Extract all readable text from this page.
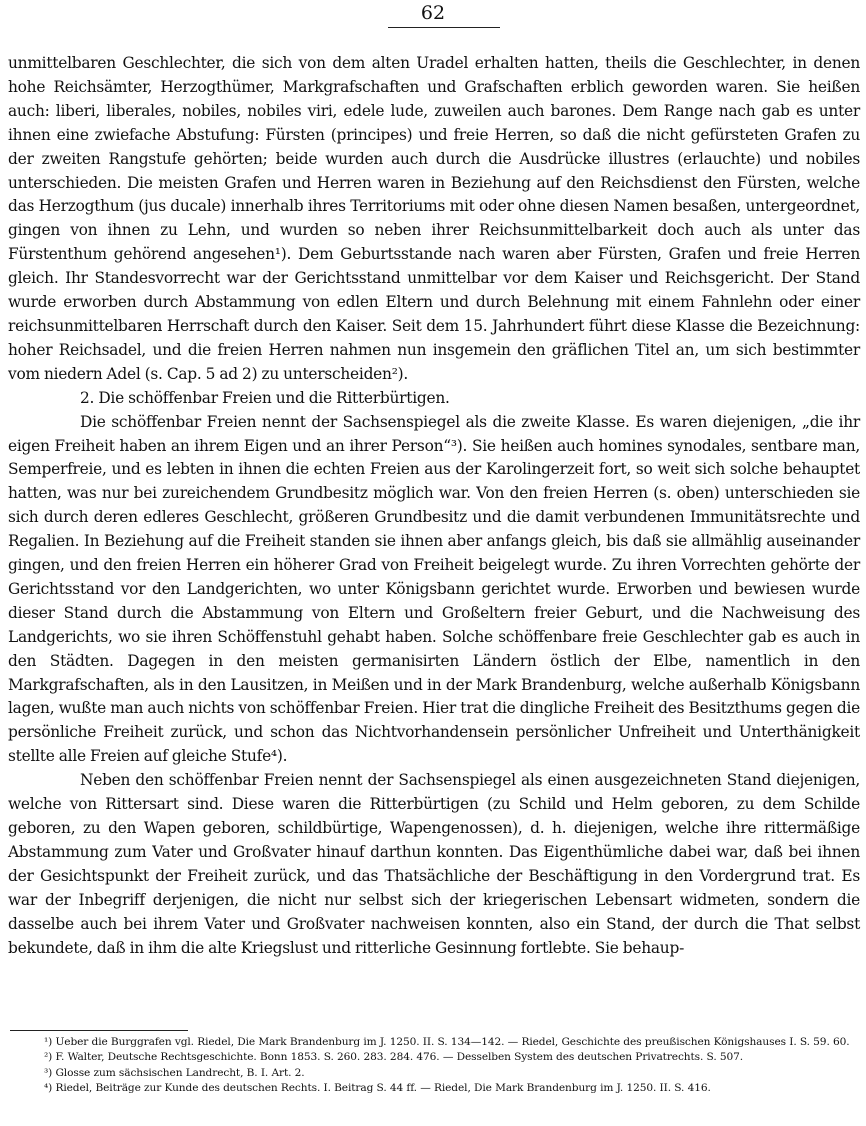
62

unmittelbaren Geschlechter, die sich von dem alten Uradel erhalten hatten, theils die Geschlechter, in denen hohe Reichsämter, Herzogthümer, Markgrafschaften und Grafschaften erblich geworden waren. Sie heißen auch: liberi, liberales, nobiles, nobiles viri, edele lude, zuweilen auch barones. Dem Range nach gab es unter ihnen eine zwiefache Abstufung: Fürsten (principes) und freie Herren, so daß die nicht gefürsteten Grafen zu der zweiten Rangstufe gehörten; beide wurden auch durch die Ausdrücke illustres (erlauchte) und nobiles unterschieden. Die meisten Grafen und Herren waren in Beziehung auf den Reichsdienst den Fürsten, welche das Herzogthum (jus ducale) innerhalb ihres Territoriums mit oder ohne diesen Namen besaßen, untergeordnet, gingen von ihnen zu Lehn, und wurden so neben ihrer Reichsunmittelbarkeit doch auch als unter das Fürstenthum gehörend angesehen¹). Dem Geburtsstande nach waren aber Fürsten, Grafen und freie Herren gleich. Ihr Standesvorrecht war der Gerichtsstand unmittelbar vor dem Kaiser und Reichsgericht. Der Stand wurde erworben durch Abstammung von edlen Eltern und durch Belehnung mit einem Fahnlehn oder einer reichsunmittelbaren Herrschaft durch den Kaiser. Seit dem 15. Jahrhundert führt diese Klasse die Bezeichnung: hoher Reichsadel, und die freien Herren nahmen nun insgemein den gräflichen Titel an, um sich bestimmter vom niedern Adel (s. Cap. 5 ad 2) zu unterscheiden²).

2. Die schöffenbar Freien und die Ritterbürtigen.

Die schöffenbar Freien nennt der Sachsenspiegel als die zweite Klasse. Es waren diejenigen, „die ihr eigen Freiheit haben an ihrem Eigen und an ihrer Person“³). Sie heißen auch homines synodales, sentbare man, Semperfreie, und es lebten in ihnen die echten Freien aus der Karolingerzeit fort, so weit sich solche behauptet hatten, was nur bei zureichendem Grundbesitz möglich war. Von den freien Herren (s. oben) unterschieden sie sich durch deren edleres Geschlecht, größeren Grundbesitz und die damit verbundenen Immunitätsrechte und Regalien. In Beziehung auf die Freiheit standen sie ihnen aber anfangs gleich, bis daß sie allmählig auseinander gingen, und den freien Herren ein höherer Grad von Freiheit beigelegt wurde. Zu ihren Vorrechten gehörte der Gerichtsstand vor den Landgerichten, wo unter Königsbann gerichtet wurde. Erworben und bewiesen wurde dieser Stand durch die Abstammung von Eltern und Großeltern freier Geburt, und die Nachweisung des Landgerichts, wo sie ihren Schöffenstuhl gehabt haben. Solche schöffenbare freie Geschlechter gab es auch in den Städten. Dagegen in den meisten germanisirten Ländern östlich der Elbe, namentlich in den Markgrafschaften, als in den Lausitzen, in Meißen und in der Mark Brandenburg, welche außerhalb Königsbann lagen, wußte man auch nichts von schöffenbar Freien. Hier trat die dingliche Freiheit des Besitzthums gegen die persönliche Freiheit zurück, und schon das Nichtvorhandensein persönlicher Unfreiheit und Unterthänigkeit stellte alle Freien auf gleiche Stufe⁴).

Neben den schöffenbar Freien nennt der Sachsenspiegel als einen ausgezeichneten Stand diejenigen, welche von Rittersart sind. Diese waren die Ritterbürtigen (zu Schild und Helm geboren, zu dem Schilde geboren, zu den Wapen geboren, schildbürtige, Wapengenossen), d. h. diejenigen, welche ihre rittermäßige Abstammung zum Vater und Großvater hinauf darthun konnten. Das Eigenthümliche dabei war, daß bei ihnen der Gesichtspunkt der Freiheit zurück, und das Thatsächliche der Beschäftigung in den Vordergrund trat. Es war der Inbegriff derjenigen, die nicht nur selbst sich der kriegerischen Lebensart widmeten, sondern die dasselbe auch bei ihrem Vater und Großvater nachweisen konnten, also ein Stand, der durch die That selbst bekundete, daß in ihm die alte Kriegslust und ritterliche Gesinnung fortlebte. Sie behaup-

¹) Ueber die Burggrafen vgl. Riedel, Die Mark Brandenburg im J. 1250. II. S. 134—142. — Riedel, Geschichte des preußischen Königshauses I. S. 59. 60.

²) F. Walter, Deutsche Rechtsgeschichte. Bonn 1853. S. 260. 283. 284. 476. — Desselben System des deutschen Privatrechts. S. 507.

³) Glosse zum sächsischen Landrecht, B. I. Art. 2.

⁴) Riedel, Beiträge zur Kunde des deutschen Rechts. I. Beitrag S. 44 ff. — Riedel, Die Mark Brandenburg im J. 1250. II. S. 416.
